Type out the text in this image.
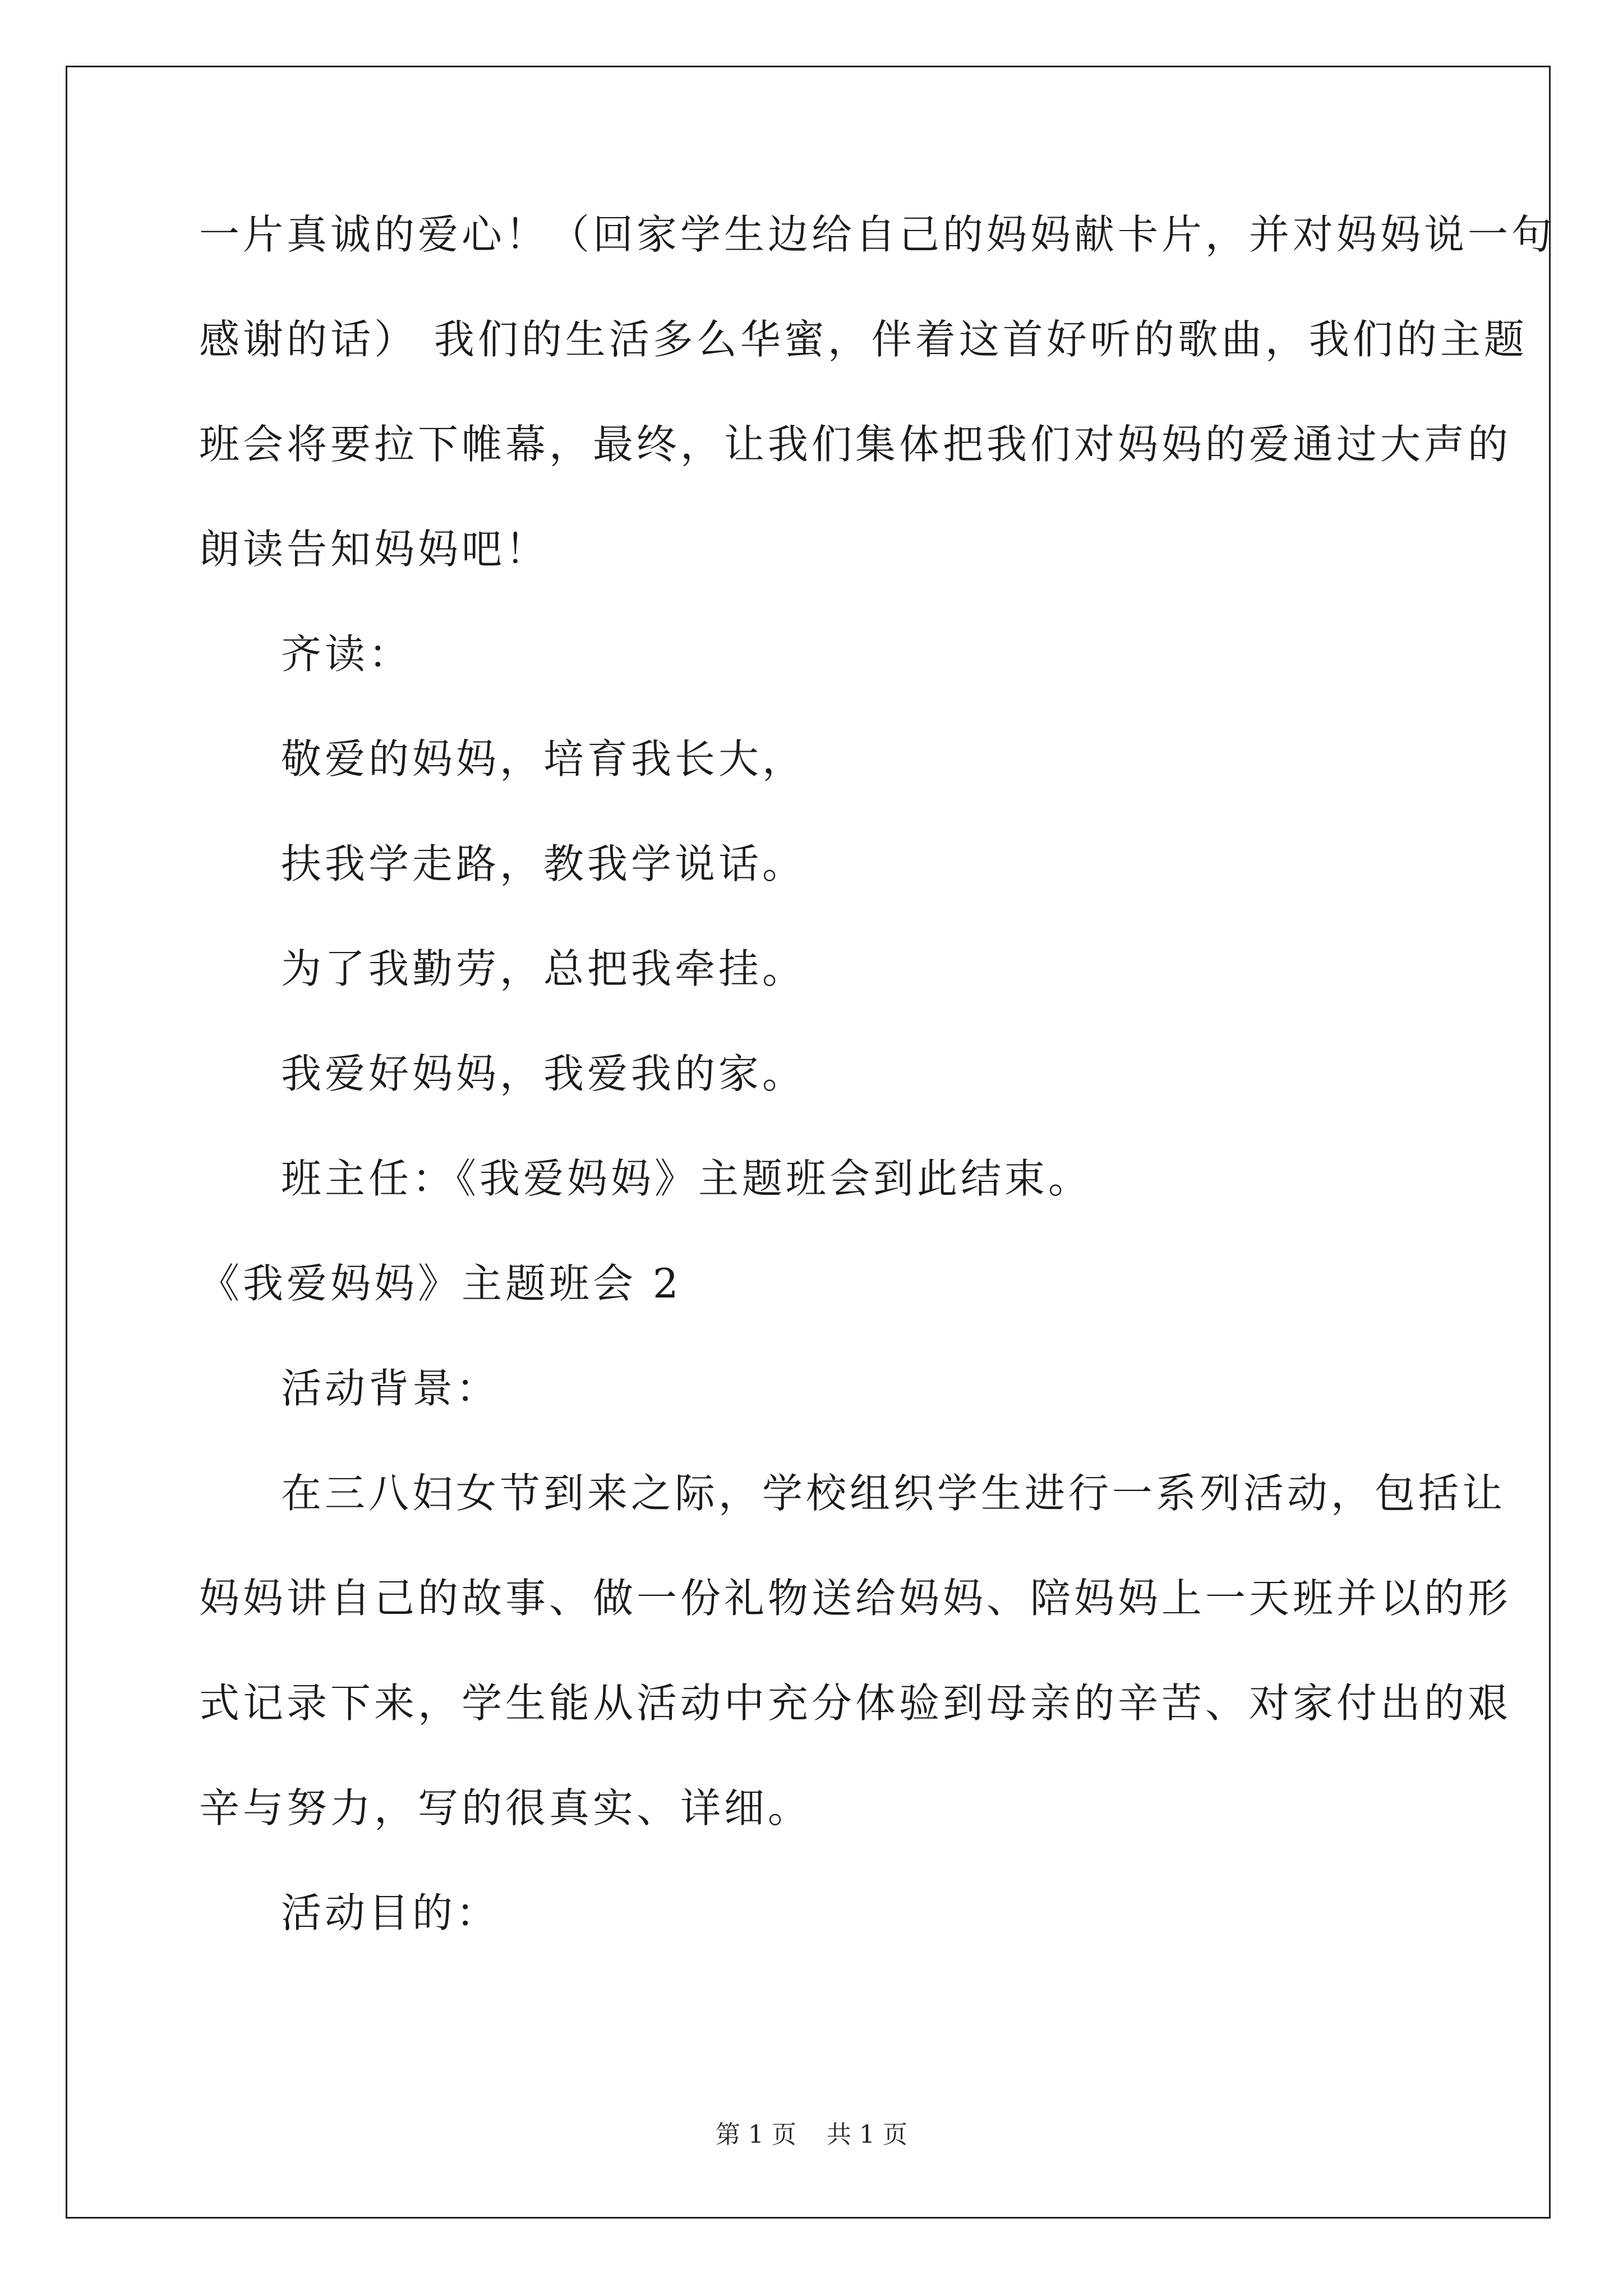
一片真诚的爱心！（回家学生边给自己的妈妈献卡片，并对妈妈说一句
感谢的话） 我们的生活多么华蜜，伴着这首好听的歌曲，我们的主题
班会将要拉下帷幕，最终，让我们集体把我们对妈妈的爱通过大声的
朗读告知妈妈吧！
齐读：
敬爱的妈妈，培育我长大，
扶我学走路，教我学说话。
为了我勤劳，总把我牵挂。
我爱好妈妈，我爱我的家。
班主任：《我爱妈妈》主题班会到此结束。
《我爱妈妈》主题班会 2
活动背景：
在三八妇女节到来之际，学校组织学生进行一系列活动，包括让
妈妈讲自己的故事、做一份礼物送给妈妈、陪妈妈上一天班并以的形
式记录下来，学生能从活动中充分体验到母亲的辛苦、对家付出的艰
辛与努力，写的很真实、详细。
活动目的：
第 1 页 共 1 页
